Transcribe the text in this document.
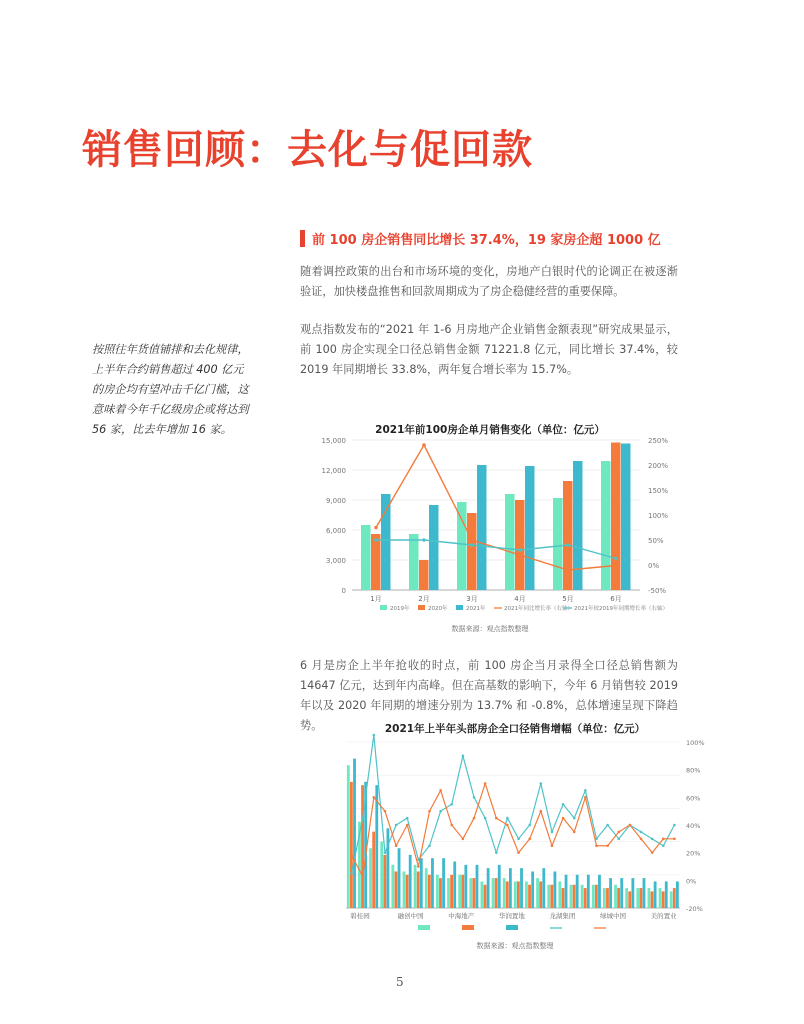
销售回顾：去化与促回款
前 100 房企销售同比增长 37.4%，19 家房企超 1000 亿
随着调控政策的出台和市场环境的变化，房地产白银时代的论调正在被逐渐验证，加快楼盘推售和回款周期成为了房企稳健经营的重要保障。
观点指数发布的“2021 年 1-6 月房地产企业销售金额表现”研究成果显示，前 100 房企实现全口径总销售金额 71221.8 亿元，同比增长 37.4%，较 2019 年同期增长 33.8%，两年复合增长率为 15.7%。
按照往年货值铺排和去化规律，上半年合约销售超过 400 亿元的房企均有望冲击千亿门槛，这意味着今年千亿级房企或将达到 56 家，比去年增加 16 家。	2021年前100房企单月销售变化（单位：亿元）
0
3,000
6,000
9,000
12,000
15,000
-50%
0%
50%
100%
150%
200%
250%
1月	2月	3月	4月	5月	6月
2019年	2020年	2021年	2021年同比增长率（右轴） 2021年较2019年同期增长率（右轴）
数据来源：观点指数整理
6 月是房企上半年抢收的时点，前 100 房企当月录得全口径总销售额为 14647 亿元，达到年内高峰。但在高基数的影响下，今年 6 月销售较 2019 年以及 2020 年同期的增速分别为 13.7% 和 -0.8%，总体增速呈现下降趋势。	2021年上半年头部房企全口径销售增幅（单位：亿元）
-20%
0%
20%
40%
60%
80%
100%
碧桂园	融创中国	中海地产	华润置地	龙湖集团	绿城中国	美的置业
数据来源：观点指数整理
5
